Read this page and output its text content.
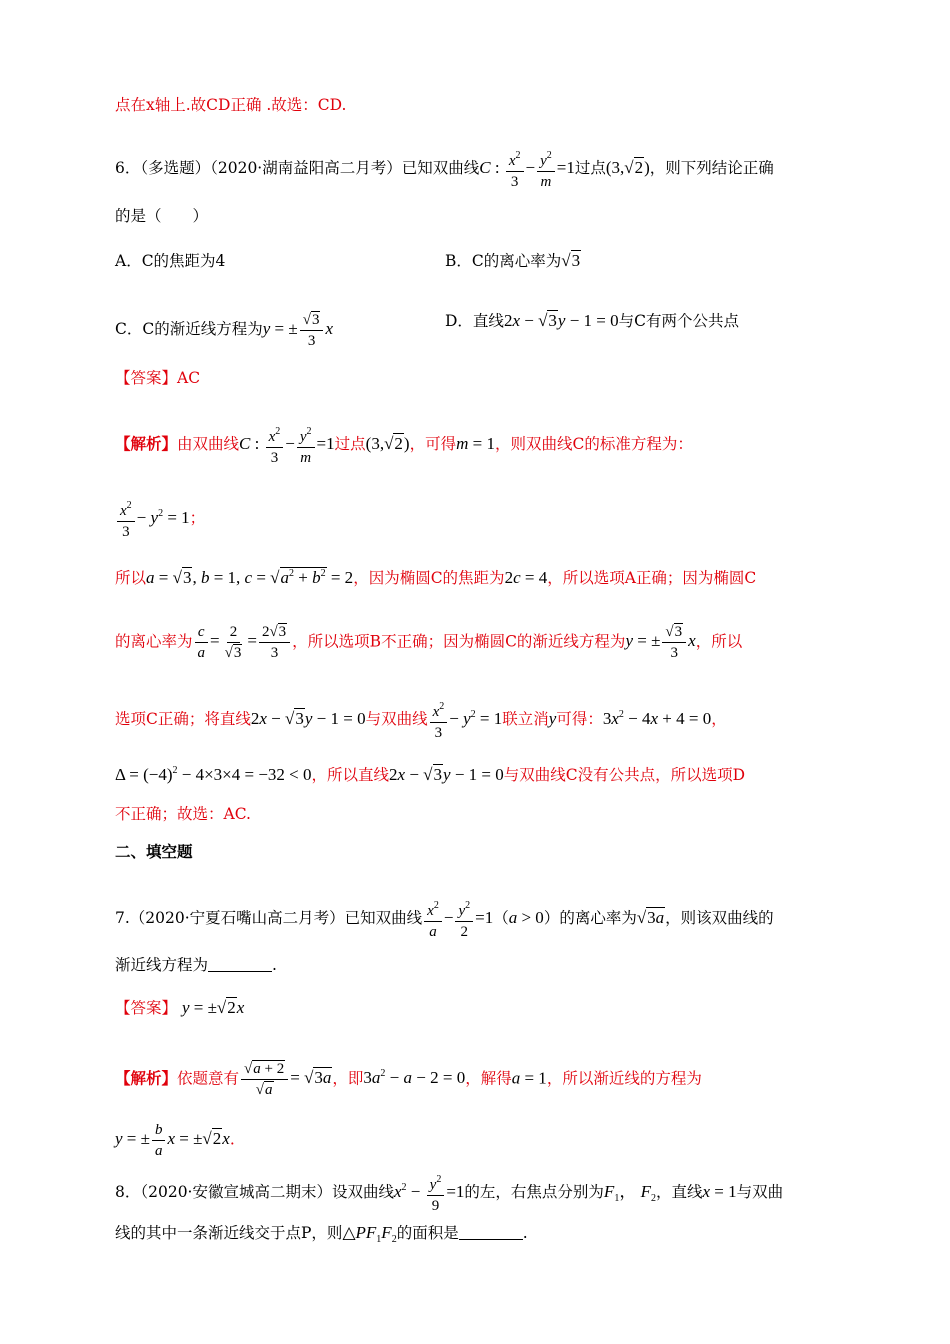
点在x轴上.故CD正确 .故选：CD.
6．（多选题）（2020·湖南益阳高二月考）已知双曲线C : $\frac{x^2}{3} - \frac{y^2}{m} =1$过点(3,√2)，则下列结论正确
的是（　　）
A．C的焦距为4	B．C的离心率为√3
C．C的渐近线方程为y = ± $\frac{√3}{3}$ x	D．直线2x − √3y − 1 = 0与C有两个公共点
【答案】AC
【解析】由双曲线C : $\frac{x^2}{3} - \frac{y^2}{m} =1$过点(3,√2)，可得m = 1，则双曲线C的标准方程为：
$\frac{x^2}{3} - y^2 = 1$；
所以a = √3, b = 1, $c = √a^2 + b^2 = 2$，因为椭圆C的焦距为2c = 4，所以选项A正确；因为椭圆C
的离心率为 $\frac{c}{a} = \frac{2}{√3} = \frac{2√3}{3}$ ，所以选项B不正确；因为椭圆C的渐近线方程为y = ± $\frac{√3}{3}$ x，所以
选项C正确；将直线2x − √3y − 1 = 0与双曲线 $\frac{x^2}{3} - y^2 = 1$联立消y可得：$3x^2 - 4x + 4 = 0$，
$\Delta = (-4)^2 - 4\times 3\times 4 = -32 < 0$，所以直线2x − √3y − 1 = 0与双曲线C没有公共点，所以选项D
不正确；故选：AC.
二、填空题
7.（2020·宁夏石嘴山高二月考）已知双曲线 $\frac{x^2}{a} - \frac{y^2}{2} =1(a > 0)$的离心率为√3a，则该双曲线的
渐近线方程为	.
【答案】 y = ±√2x
【解析】依题意有 $\frac{√a + 2}{√a} = √3a$，即$3a^2 - a - 2 = 0$，解得a = 1，所以渐近线的方程为
y = ± $\frac{b}{a}$ x = ±√2x.
8．（2020·安徽宣城高二期末）设双曲线$x^2 - \frac{y^2}{9} =1$的左，右焦点分别为$F_1$， $F_2$，直线x = 1与双曲
线的其中一条渐近线交于点P，则$\triangle PF_1F_2$的面积是	.
